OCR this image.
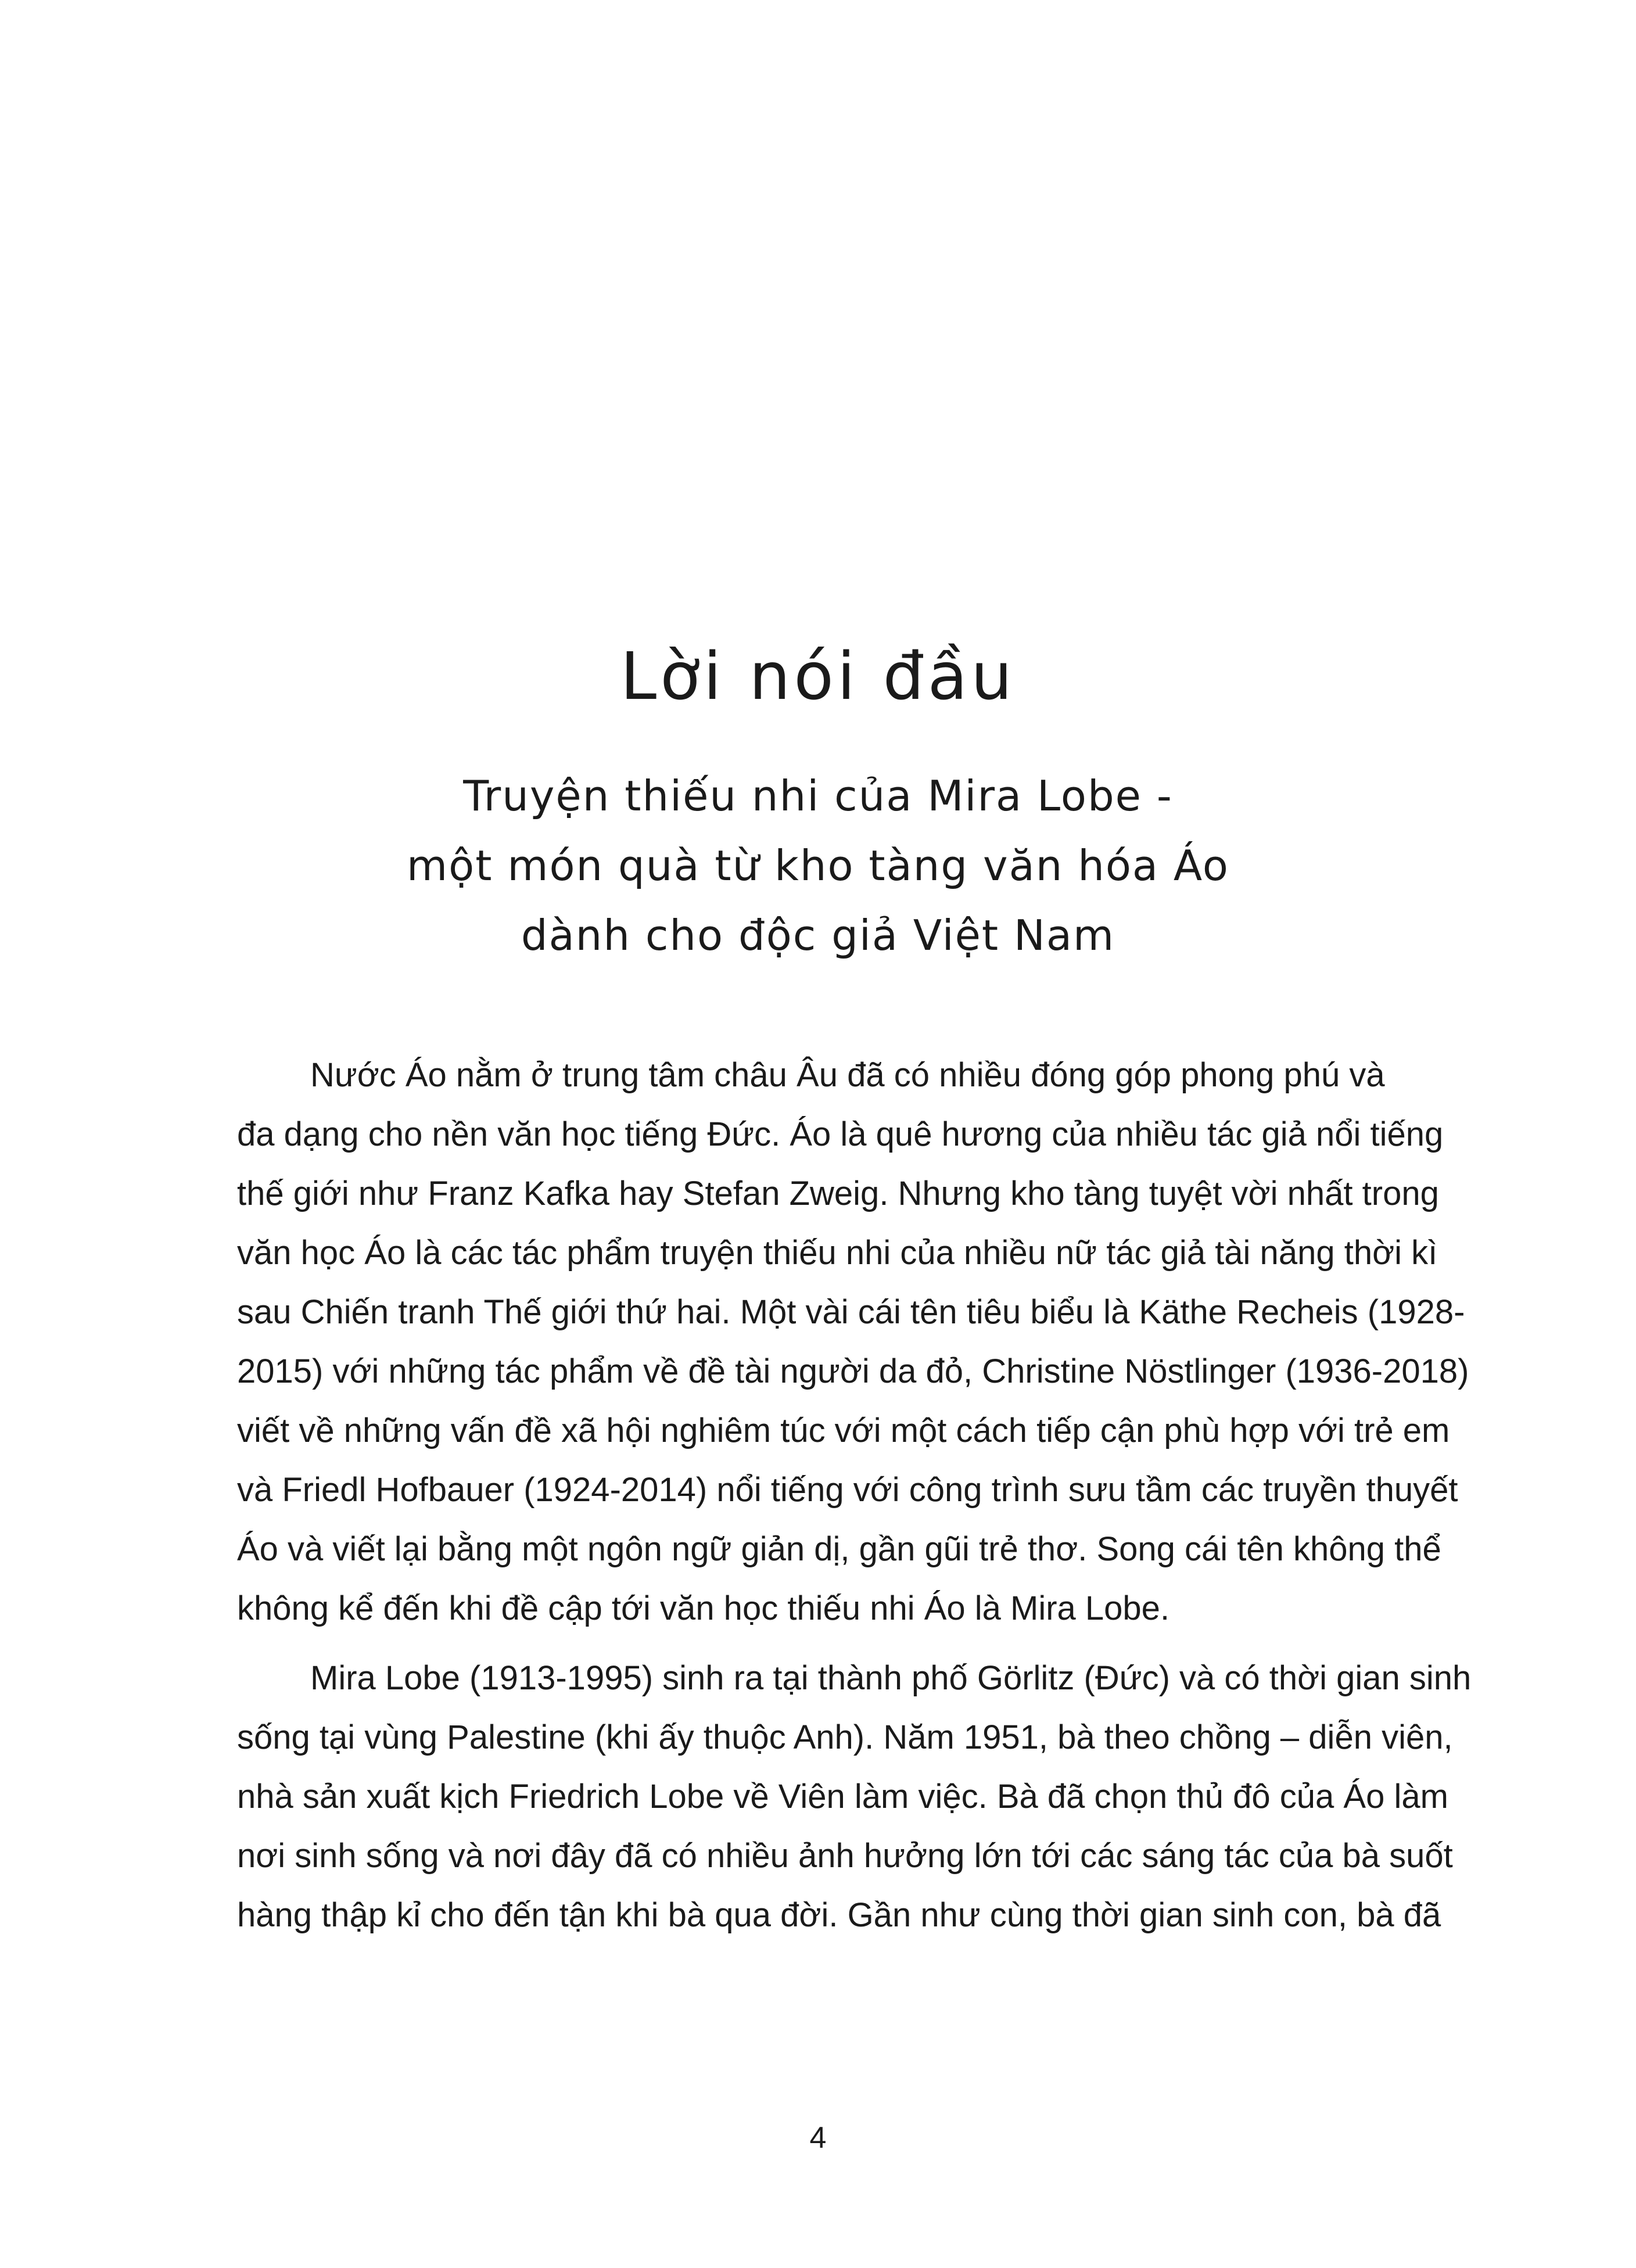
Lời nói đầu
Truyện thiếu nhi của Mira Lobe -
một món quà từ kho tàng văn hóa Áo
dành cho độc giả Việt Nam

Nước Áo nằm ở trung tâm châu Âu đã có nhiều đóng góp phong phú và
đa dạng cho nền văn học tiếng Đức. Áo là quê hương của nhiều tác giả nổi tiếng
thế giới như Franz Kafka hay Stefan Zweig. Nhưng kho tàng tuyệt vời nhất trong
văn học Áo là các tác phẩm truyện thiếu nhi của nhiều nữ tác giả tài năng thời kì
sau Chiến tranh Thế giới thứ hai. Một vài cái tên tiêu biểu là Käthe Recheis (1928-
2015) với những tác phẩm về đề tài người da đỏ, Christine Nöstlinger (1936-2018)
viết về những vấn đề xã hội nghiêm túc với một cách tiếp cận phù hợp với trẻ em
và Friedl Hofbauer (1924-2014) nổi tiếng với công trình sưu tầm các truyền thuyết
Áo và viết lại bằng một ngôn ngữ giản dị, gần gũi trẻ thơ. Song cái tên không thể
không kể đến khi đề cập tới văn học thiếu nhi Áo là Mira Lobe.

Mira Lobe (1913-1995) sinh ra tại thành phố Görlitz (Đức) và có thời gian sinh
sống tại vùng Palestine (khi ấy thuộc Anh). Năm 1951, bà theo chồng – diễn viên,
nhà sản xuất kịch Friedrich Lobe về Viên làm việc. Bà đã chọn thủ đô của Áo làm
nơi sinh sống và nơi đây đã có nhiều ảnh hưởng lớn tới các sáng tác của bà suốt
hàng thập kỉ cho đến tận khi bà qua đời. Gần như cùng thời gian sinh con, bà đã

4
